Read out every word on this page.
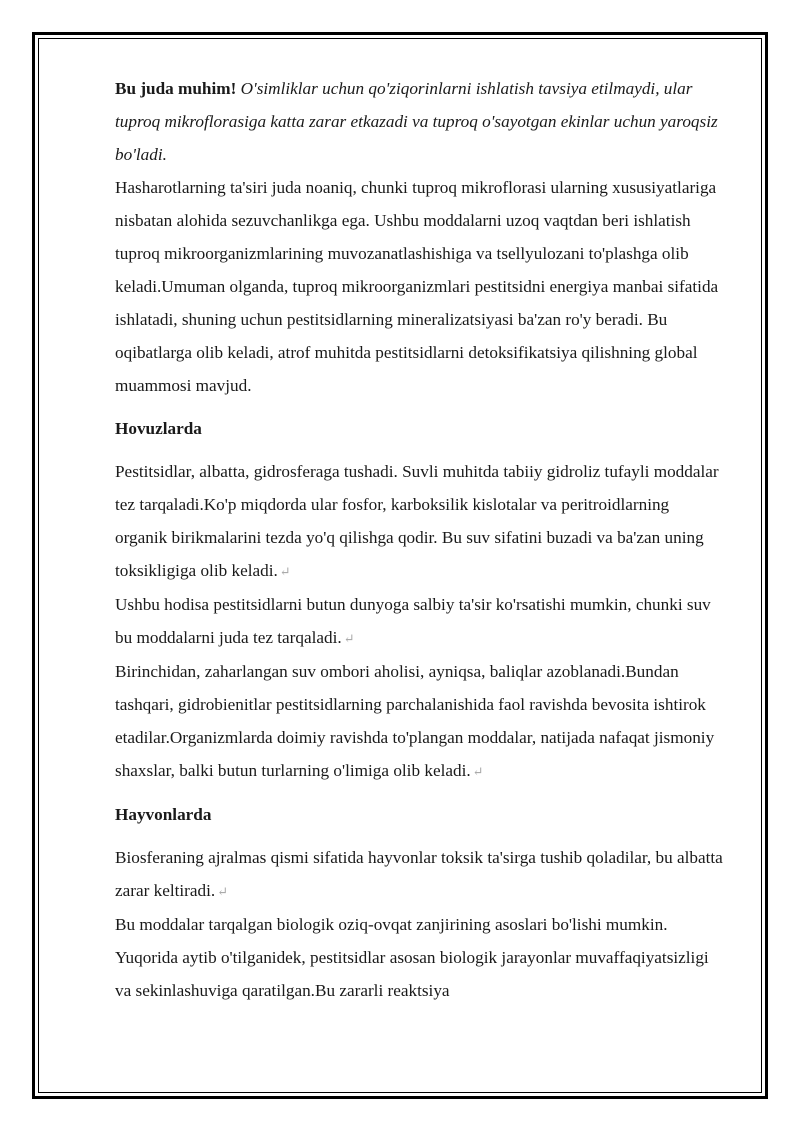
Bu juda muhim! O'simliklar uchun qo'ziqorinlarni ishlatish tavsiya etilmaydi, ular tuproq mikroflorasiga katta zarar etkazadi va tuproq o'sayotgan ekinlar uchun yaroqsiz bo'ladi.

Hasharotlarning ta'siri juda noaniq, chunki tuproq mikroflorasi ularning xususiyatlariga nisbatan alohida sezuvchanlikga ega. Ushbu moddalarni uzoq vaqtdan beri ishlatish tuproq mikroorganizmlarining muvozanatlashishiga va tsellyulozani to'plashga olib keladi.Umuman olganda, tuproq mikroorganizmlari pestitsidni energiya manbai sifatida ishlatadi, shuning uchun pestitsidlarning mineralizatsiyasi ba'zan ro'y beradi. Bu oqibatlarga olib keladi, atrof muhitda pestitsidlarni detoksifikatsiya qilishning global muammosi mavjud.

Hovuzlarda

Pestitsidlar, albatta, gidrosferaga tushadi. Suvli muhitda tabiiy gidroliz tufayli moddalar tez tarqaladi.Ko'p miqdorda ular fosfor, karboksilik kislotalar va peritroidlarning organik birikmalarini tezda yo'q qilishga qodir. Bu suv sifatini buzadi va ba'zan uning toksikligiga olib keladi. ↵

Ushbu hodisa pestitsidlarni butun dunyoga salbiy ta'sir ko'rsatishi mumkin, chunki suv bu moddalarni juda tez tarqaladi. ↵

Birinchidan, zaharlangan suv ombori aholisi, ayniqsa, baliqlar azoblanadi.Bundan tashqari, gidrobienitlar pestitsidlarning parchalanishida faol ravishda bevosita ishtirok etadilar.Organizmlarda doimiy ravishda to'plangan moddalar, natijada nafaqat jismoniy shaxslar, balki butun turlarning o'limiga olib keladi. ↵

Hayvonlarda

Biosferaning ajralmas qismi sifatida hayvonlar toksik ta'sirga tushib qoladilar, bu albatta zarar keltiradi. ↵

Bu moddalar tarqalgan biologik oziq-ovqat zanjirining asoslari bo'lishi mumkin. Yuqorida aytib o'tilganidek, pestitsidlar asosan biologik jarayonlar muvaffaqiyatsizligi va sekinlashuviga qaratilgan.Bu zararli reaktsiya
